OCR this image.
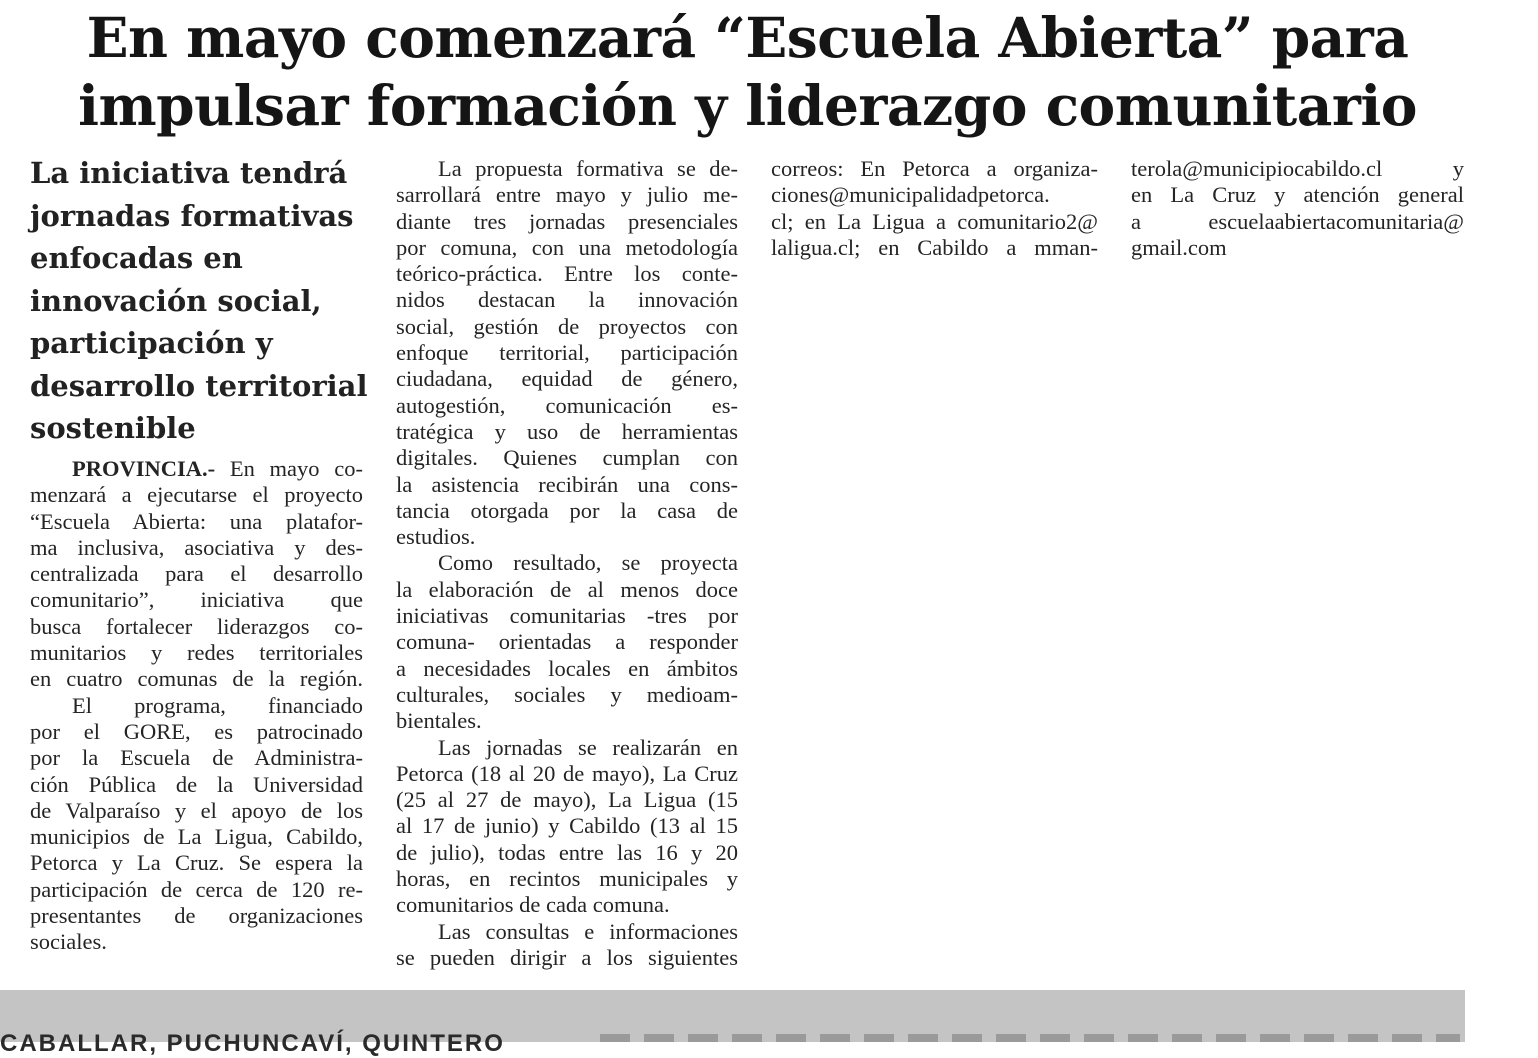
En mayo comenzará “Escuela Abierta” para
impulsar formación y liderazgo comunitario
La iniciativa tendrá
jornadas formativas
enfocadas en
innovación social,
participación y
desarrollo territorial
sostenible
PROVINCIA.- En mayo co-
menzará a ejecutarse el proyecto
“Escuela Abierta: una platafor-
ma inclusiva, asociativa y des-
centralizada para el desarrollo
comunitario”, iniciativa que
busca fortalecer liderazgos co-
munitarios y redes territoriales
en cuatro comunas de la región.
El programa, financiado
por el GORE, es patrocinado
por la Escuela de Administra-
ción Pública de la Universidad
de Valparaíso y el apoyo de los
municipios de La Ligua, Cabildo,
Petorca y La Cruz. Se espera la
participación de cerca de 120 re-
presentantes de organizaciones
sociales.
La propuesta formativa se de-
sarrollará entre mayo y julio me-
diante tres jornadas presenciales
por comuna, con una metodología
teórico-práctica. Entre los conte-
nidos destacan la innovación
social, gestión de proyectos con
enfoque territorial, participación
ciudadana, equidad de género,
autogestión, comunicación es-
tratégica y uso de herramientas
digitales. Quienes cumplan con
la asistencia recibirán una cons-
tancia otorgada por la casa de
estudios.
Como resultado, se proyecta
la elaboración de al menos doce
iniciativas comunitarias -tres por
comuna- orientadas a responder
a necesidades locales en ámbitos
culturales, sociales y medioam-
bientales.
Las jornadas se realizarán en
Petorca (18 al 20 de mayo), La Cruz
(25 al 27 de mayo), La Ligua (15
al 17 de junio) y Cabildo (13 al 15
de julio), todas entre las 16 y 20
horas, en recintos municipales y
comunitarios de cada comuna.
Las consultas e informaciones
se pueden dirigir a los siguientes
correos: En Petorca a organiza-
ciones@municipalidadpetorca.
cl; en La Ligua a comunitario2@
laligua.cl; en Cabildo a mman-
terola@municipiocabildo.cl y
en La Cruz y atención general
a escuelaabiertacomunitaria@
gmail.com
CABALLAR, PUCHUNCAVÍ, QUINTERO
